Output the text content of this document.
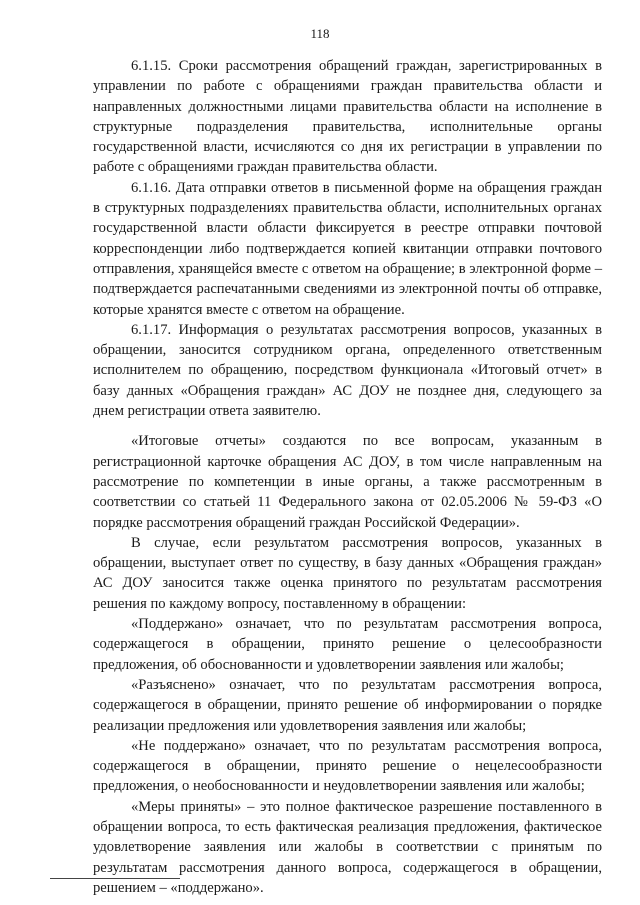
118

6.1.15. Сроки рассмотрения обращений граждан, зарегистрированных в управлении по работе с обращениями граждан правительства области и направленных должностными лицами правительства области на исполнение в структурные подразделения правительства, исполнительные органы государственной власти, исчисляются со дня их регистрации в управлении по работе с обращениями граждан правительства области.

6.1.16. Дата отправки ответов в письменной форме на обращения граждан в структурных подразделениях правительства области, исполнительных органах государственной власти области фиксируется в реестре отправки почтовой корреспонденции либо подтверждается копией квитанции отправки почтового отправления, хранящейся вместе с ответом на обращение; в электронной форме – подтверждается распечатанными сведениями из электронной почты об отправке, которые хранятся вместе с ответом на обращение.

6.1.17. Информация о результатах рассмотрения вопросов, указанных в обращении, заносится сотрудником органа, определенного ответственным исполнителем по обращению, посредством функционала «Итоговый отчет» в базу данных «Обращения граждан» АС ДОУ не позднее дня, следующего за днем регистрации ответа заявителю.

«Итоговые отчеты» создаются по все вопросам, указанным в регистрационной карточке обращения АС ДОУ, в том числе направленным на рассмотрение по компетенции в иные органы, а также рассмотренным в соответствии со статьей 11 Федерального закона от 02.05.2006 № 59-ФЗ «О порядке рассмотрения обращений граждан Российской Федерации».

В случае, если результатом рассмотрения вопросов, указанных в обращении, выступает ответ по существу, в базу данных «Обращения граждан» АС ДОУ заносится также оценка принятого по результатам рассмотрения решения по каждому вопросу, поставленному в обращении:

«Поддержано» означает, что по результатам рассмотрения вопроса, содержащегося в обращении, принято решение о целесообразности предложения, об обоснованности и удовлетворении заявления или жалобы;

«Разъяснено» означает, что по результатам рассмотрения вопроса, содержащегося в обращении, принято решение об информировании о порядке реализации предложения или удовлетворения заявления или жалобы;

«Не поддержано» означает, что по результатам рассмотрения вопроса, содержащегося в обращении, принято решение о нецелесообразности предложения, о необоснованности и неудовлетворении заявления или жалобы;

«Меры приняты» – это полное фактическое разрешение поставленного в обращении вопроса, то есть фактическая реализация предложения, фактическое удовлетворение заявления или жалобы в соответствии с принятым по результатам рассмотрения данного вопроса, содержащегося в обращении, решением – «поддержано».
